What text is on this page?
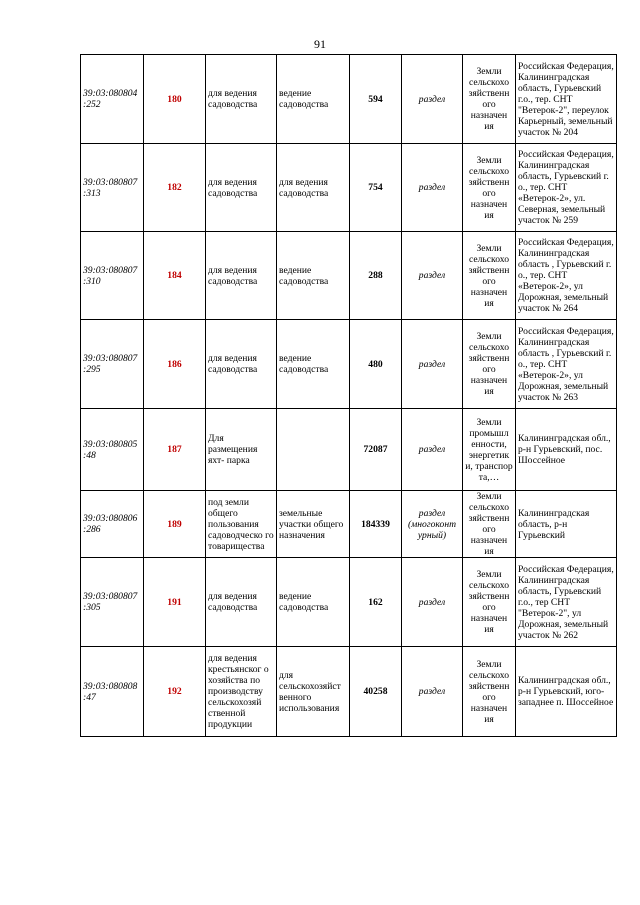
91
39:03:080804
:252	180	для ведения садоводства	ведение садоводства	594	раздел	Земли сельскохо зяйственн ого назначен ия	Российская Федерация, Калининградская область, Гурьевский г.о., тер. СНТ "Ветерок-2", переулок Карьерный, земельный участок № 204
39:03:080807
:313	182	для ведения садоводства	для ведения садоводства	754	раздел	Земли сельскохо зяйственн ого назначен ия	Российская Федерация, Калининградская область, Гурьевский г. о., тер. СНТ «Ветерок-2», ул. Северная, земельный участок № 259
39:03:080807
:310	184	для ведения садоводства	ведение садоводства	288	раздел	Земли сельскохо зяйственн ого назначен ия	Российская Федерация, Калининградская область , Гурьевский г. о., тер. СНТ «Ветерок-2», ул Дорожная, земельный участок № 264
39:03:080807
:295	186	для ведения садоводства	ведение садоводства	480	раздел	Земли сельскохо зяйственн ого назначен ия	Российская Федерация, Калининградская область , Гурьевский г. о., тер. СНТ «Ветерок-2», ул Дорожная, земельный участок № 263
39:03:080805
:48	187	Для размещения яхт- парка		72087	раздел	Земли промышл енности, энергетик и, транспор та,…	Калининградская обл., р-н Гурьевский, пос. Шоссейное
39:03:080806
:286	189	под земли общего пользования садоводческо го товарищества	земельные участки общего назначения	184339	раздел (многоконт урный)	Земли сельскохо зяйственн ого назначен ия	Калининградская область, р-н Гурьевский
39:03:080807
:305	191	для ведения садоводства	ведение садоводства	162	раздел	Земли сельскохо зяйственн ого назначен ия	Российская Федерация, Калининградская область, Гурьевский г.о., тер СНТ "Ветерок-2", ул Дорожная, земельный участок № 262
39:03:080808
:47	192	для ведения крестьянског о хозяйства по производству сельскохозяй ственной продукции	для сельскохозяйст венного использования	40258	раздел	Земли сельскохо зяйственн ого назначен ия	Калининградская обл., р-н Гурьевский, юго-западнее п. Шоссейное
